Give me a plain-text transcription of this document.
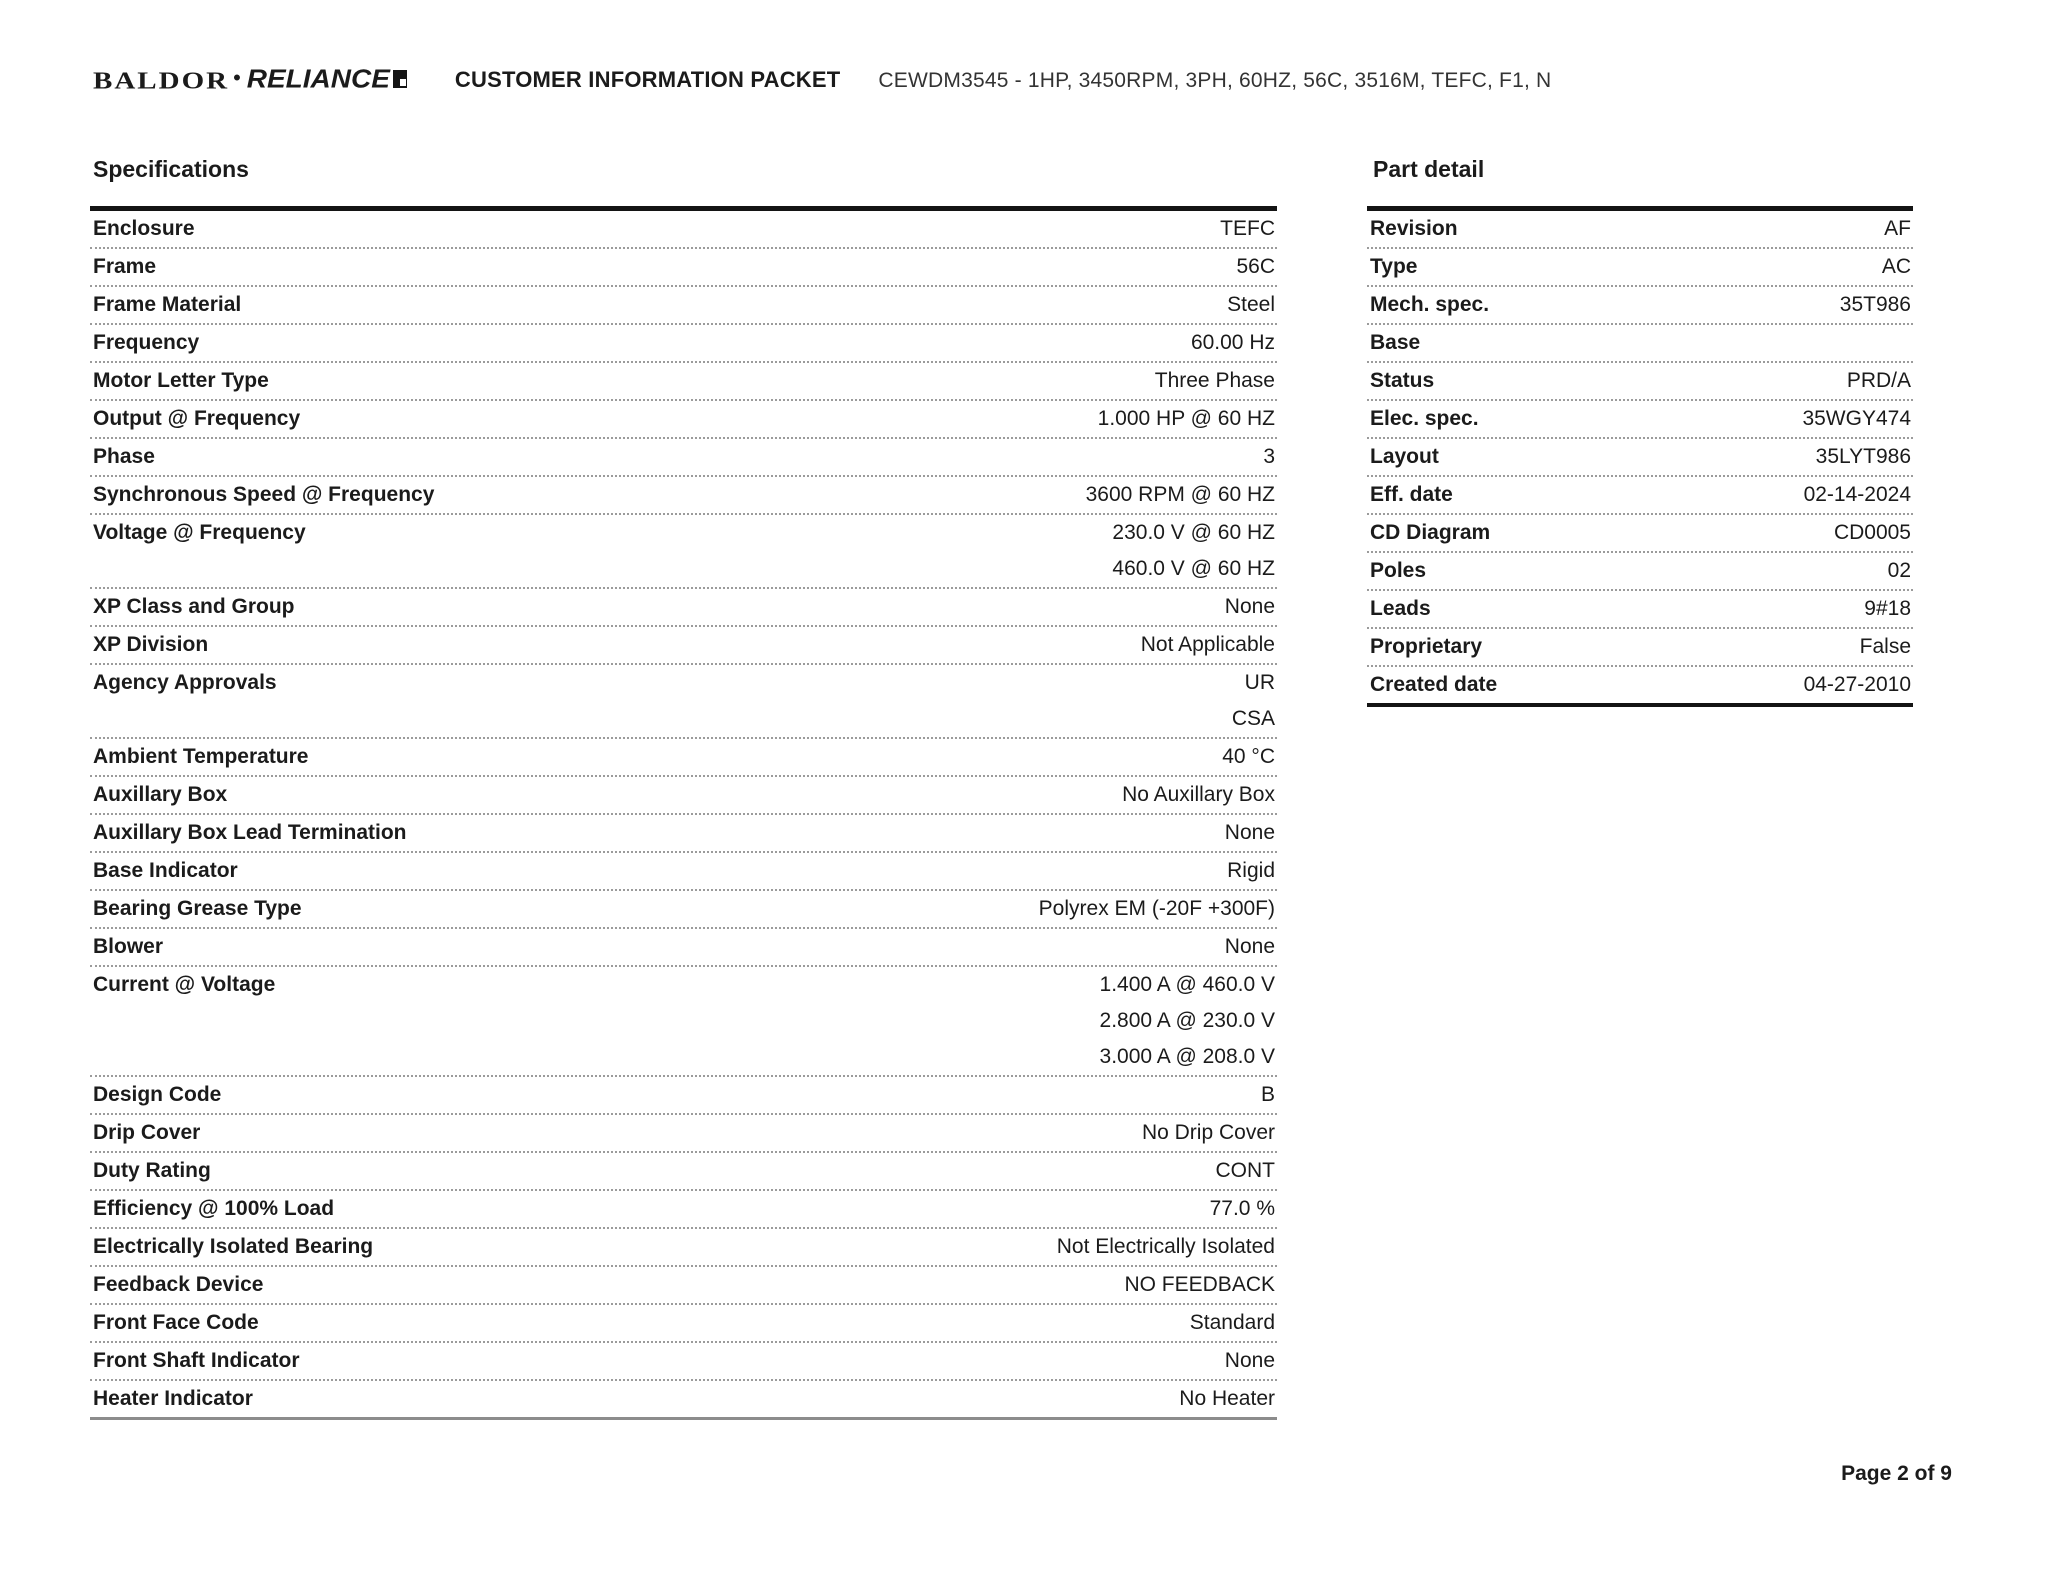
BALDOR • RELIANCE	CUSTOMER INFORMATION PACKET CEWDM3545 - 1HP, 3450RPM, 3PH, 60HZ, 56C, 3516M, TEFC, F1, N
Specifications	Part detail
Enclosure	TEFC
Frame	56C
Frame Material	Steel
Frequency	60.00 Hz
Motor Letter Type	Three Phase
Output @ Frequency	1.000 HP @ 60 HZ
Phase	3
Synchronous Speed @ Frequency	3600 RPM @ 60 HZ
Voltage @ Frequency	230.0 V @ 60 HZ
460.0 V @ 60 HZ
XP Class and Group	None
XP Division	Not Applicable
Agency Approvals	UR
CSA
Ambient Temperature	40 °C
Auxillary Box	No Auxillary Box
Auxillary Box Lead Termination	None
Base Indicator	Rigid
Bearing Grease Type	Polyrex EM (-20F +300F)
Blower	None
Current @ Voltage	1.400 A @ 460.0 V
2.800 A @ 230.0 V
3.000 A @ 208.0 V
Design Code	B
Drip Cover	No Drip Cover
Duty Rating	CONT
Efficiency @ 100% Load	77.0 %
Electrically Isolated Bearing	Not Electrically Isolated
Feedback Device	NO FEEDBACK
Front Face Code	Standard
Front Shaft Indicator	None
Heater Indicator	No Heater
Revision	AF
Type	AC
Mech. spec.	35T986
Base
Status	PRD/A
Elec. spec.	35WGY474
Layout	35LYT986
Eff. date	02-14-2024
CD Diagram	CD0005
Poles	02
Leads	9#18
Proprietary	False
Created date	04-27-2010
Page 2 of 9
